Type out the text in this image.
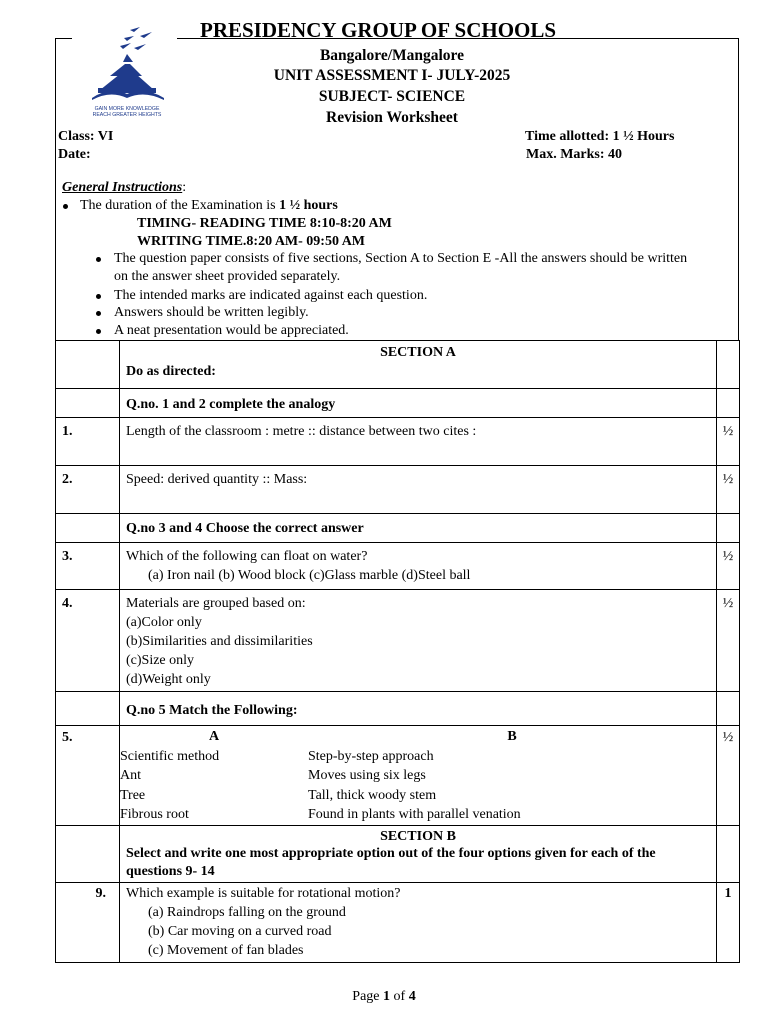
PRESIDENCY GROUP OF SCHOOLS
GAIN MORE KNOWLEDGE
REACH GREATER HEIGHTS
Bangalore/Mangalore
UNIT ASSESSMENT I- JULY-2025
SUBJECT- SCIENCE
Revision Worksheet
Class: VI
Date:
Time allotted: 1 ½ Hours
Max. Marks: 40
General Instructions:
The duration of the Examination is 1 ½ hours
TIMING- READING TIME 8:10-8:20 AM
WRITING TIME.8:20 AM- 09:50 AM
The question paper consists of five sections, Section A to Section E -All the answers should be written
on the answer sheet provided separately.
The intended marks are indicated against each question.
Answers should be written legibly.
A neat presentation would be appreciated.

SECTION A
Do as directed:

Q.no. 1 and 2 complete the analogy

1.	Length of the classroom : metre :: distance between two cites :	½
2.	Speed: derived quantity :: Mass:	½

Q.no 3 and 4 Choose the correct answer

3.	Which of the following can float on water?
(a) Iron nail (b) Wood block (c)Glass marble (d)Steel ball
	½
4.	Materials are grouped based on:
(a)Color only
(b)Similarities and dissimilarities
(c)Size only
(d)Weight only
	½

Q.no 5 Match the Following:

5.		A	B
Scientific method	Step-by-step approach
Ant	Moves using six legs
Tree	Tall, thick woody stem
Fibrous root	Found in plants with parallel venation
	½

SECTION B
Select and write one most appropriate option out of the four options given for each of the questions 9- 14

9.	Which example is suitable for rotational motion?
(a) Raindrops falling on the ground
(b) Car moving on a curved road
(c) Movement of fan blades
	1
Page 1 of 4
